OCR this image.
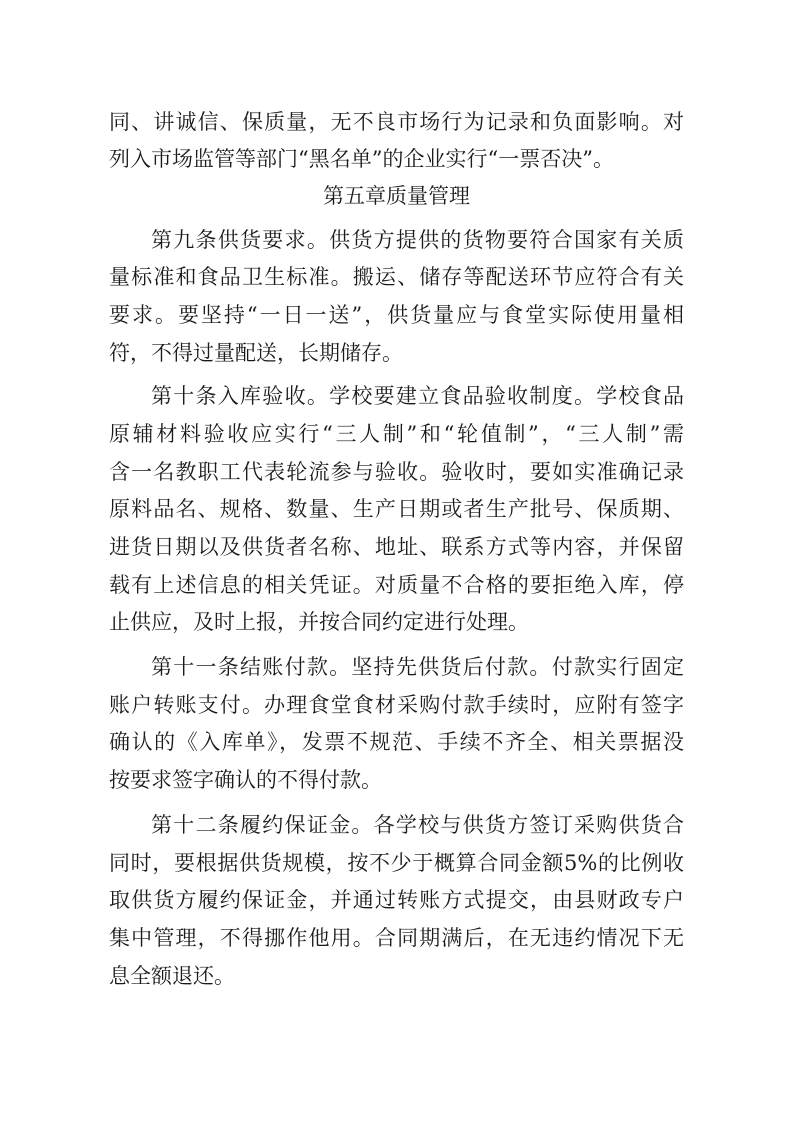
同、讲诚信、保质量，无不良市场行为记录和负面影响。对
列入市场监管等部门“黑名单”的企业实行“一票否决”。
第五章质量管理
第九条供货要求。供货方提供的货物要符合国家有关质
量标准和食品卫生标准。搬运、储存等配送环节应符合有关
要求。要坚持“一日一送”，供货量应与食堂实际使用量相
符，不得过量配送，长期储存。
第十条入库验收。学校要建立食品验收制度。学校食品
原辅材料验收应实行“三人制”和“轮值制”，“三人制”需
含一名教职工代表轮流参与验收。验收时，要如实准确记录
原料品名、规格、数量、生产日期或者生产批号、保质期、
进货日期以及供货者名称、地址、联系方式等内容，并保留
载有上述信息的相关凭证。对质量不合格的要拒绝入库，停
止供应，及时上报，并按合同约定进行处理。
第十一条结账付款。坚持先供货后付款。付款实行固定
账户转账支付。办理食堂食材采购付款手续时，应附有签字
确认的《入库单》，发票不规范、手续不齐全、相关票据没
按要求签字确认的不得付款。
第十二条履约保证金。各学校与供货方签订采购供货合
同时，要根据供货规模，按不少于概算合同金额5%的比例收
取供货方履约保证金，并通过转账方式提交，由县财政专户
集中管理，不得挪作他用。合同期满后，在无违约情况下无
息全额退还。
